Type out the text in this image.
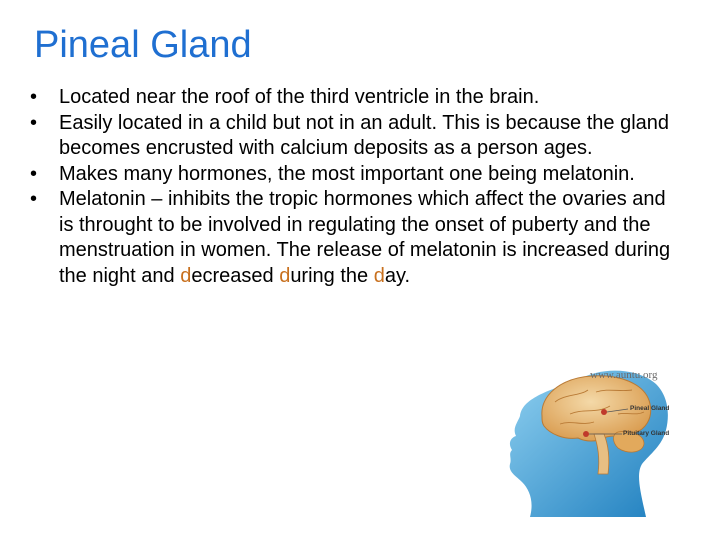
Pineal Gland
• Located near the roof of the third ventricle in the brain.
• Easily located in a child but not in an adult. This is because the gland becomes encrusted with calcium deposits as a person ages.
• Makes many hormones, the most important one being melatonin.
• Melatonin – inhibits the tropic hormones which affect the ovaries and is throught to be involved in regulating the onset of puberty and the menstruation in women. The release of melatonin is increased during the night and decreased during the day.
www.auntu.org
Pineal Gland
Pituitary Gland
